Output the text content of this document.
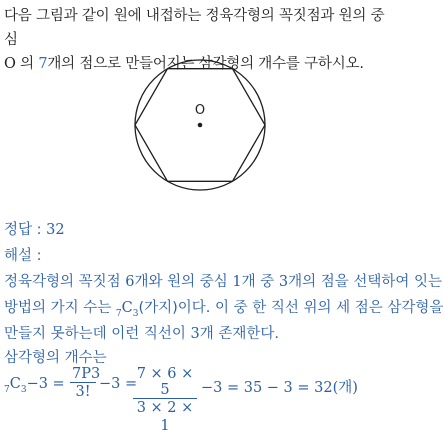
다음 그림과 같이 원에 내접하는 정육각형의 꼭짓점과 원의 중심
O 의 7개의 점으로 만들어지는 삼각형의 개수를 구하시오.
O
정답 : 32
해설 :
정육각형의 꼭짓점 6개와 원의 중심 1개 중 3개의 점을 선택하여 잇는
방법의 가지 수는 $_7C_3$(가지)이다. 이 중 한 직선 위의 세 점은 삼각형을
만들지 못하는데 이런 직선이 3개 존재한다.
삼각형의 개수는
$_7C_3-3 = \frac{7P3}{3!} -3$ =
$\frac{7 \times 6 \times 5}{3 \times 2 \times 1} -3 = 35 - 3 = 32$(개)
